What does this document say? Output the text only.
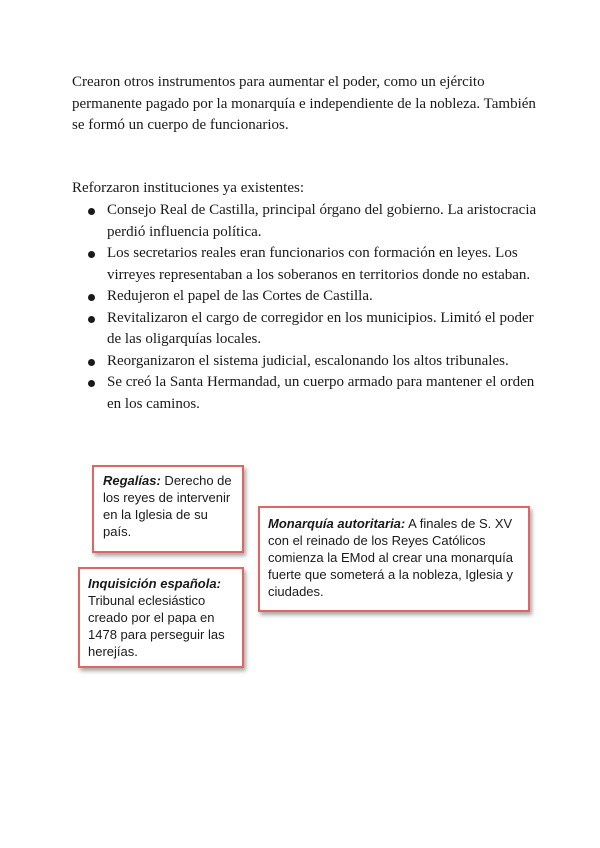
Crearon otros instrumentos para aumentar el poder, como un ejército permanente pagado por la monarquía e independiente de la nobleza. También se formó un cuerpo de funcionarios.
Reforzaron instituciones ya existentes:
Consejo Real de Castilla, principal órgano del gobierno. La aristocracia perdió influencia política.
Los secretarios reales eran funcionarios con formación en leyes. Los virreyes representaban a los soberanos en territorios donde no estaban.
Redujeron el papel de las Cortes de Castilla.
Revitalizaron el cargo de corregidor en los municipios. Limitó el poder de las oligarquías locales.
Reorganizaron el sistema judicial, escalonando los altos tribunales.
Se creó la Santa Hermandad, un cuerpo armado para mantener el orden en los caminos.
Regalías: Derecho de los reyes de intervenir en la Iglesia de su país.
Inquisición española: Tribunal eclesiástico creado por el papa en 1478 para perseguir las herejías.
Monarquía autoritaria: A finales de S. XV con el reinado de los Reyes Católicos comienza la EMod al crear una monarquía fuerte que someterá a la nobleza, Iglesia y ciudades.
